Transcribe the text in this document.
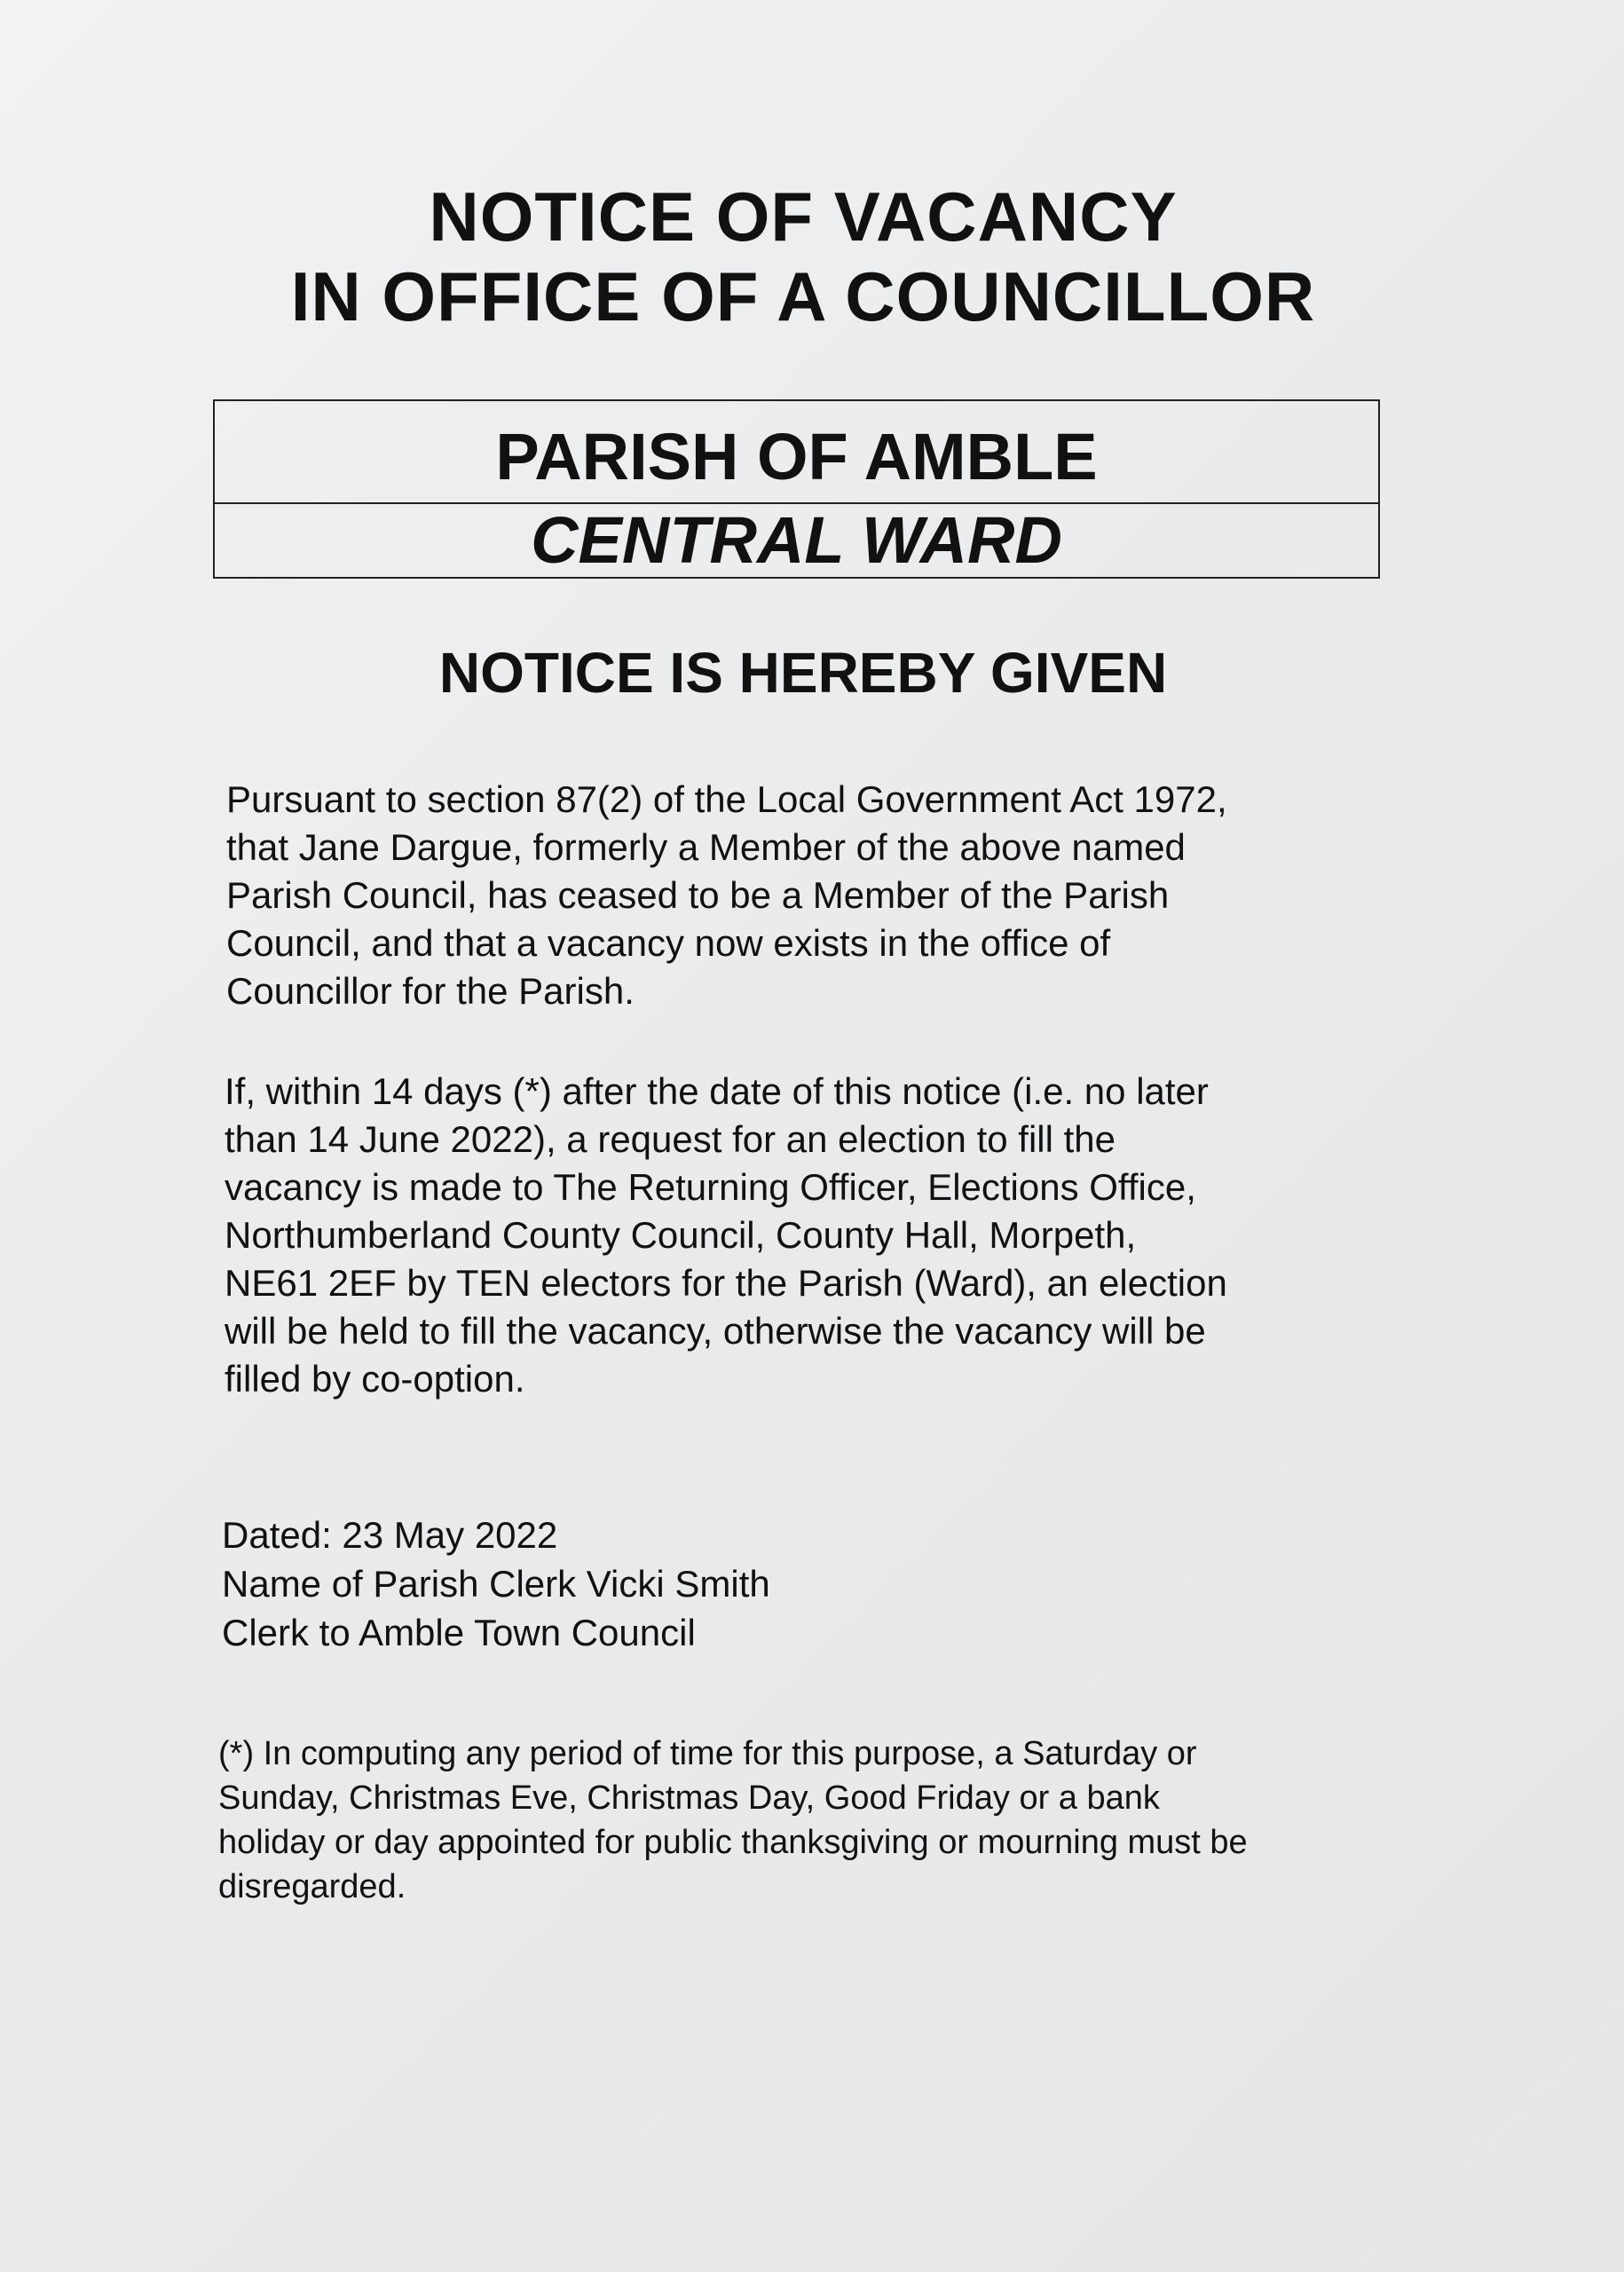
NOTICE OF VACANCY
IN OFFICE OF A COUNCILLOR
PARISH OF AMBLE
CENTRAL WARD
NOTICE IS HEREBY GIVEN

Pursuant to section 87(2) of the Local Government Act 1972,
that Jane Dargue, formerly a Member of the above named
Parish Council, has ceased to be a Member of the Parish
Council, and that a vacancy now exists in the office of
Councillor for the Parish.

If, within 14 days (*) after the date of this notice (i.e. no later
than 14 June 2022), a request for an election to fill the
vacancy is made to The Returning Officer, Elections Office,
Northumberland County Council, County Hall, Morpeth,
NE61 2EF by TEN electors for the Parish (Ward), an election
will be held to fill the vacancy, otherwise the vacancy will be
filled by co-option.

Dated: 23 May 2022
Name of Parish Clerk Vicki Smith
Clerk to Amble Town Council
(*) In computing any period of time for this purpose, a Saturday or
Sunday, Christmas Eve, Christmas Day, Good Friday or a bank
holiday or day appointed for public thanksgiving or mourning must be
disregarded.
